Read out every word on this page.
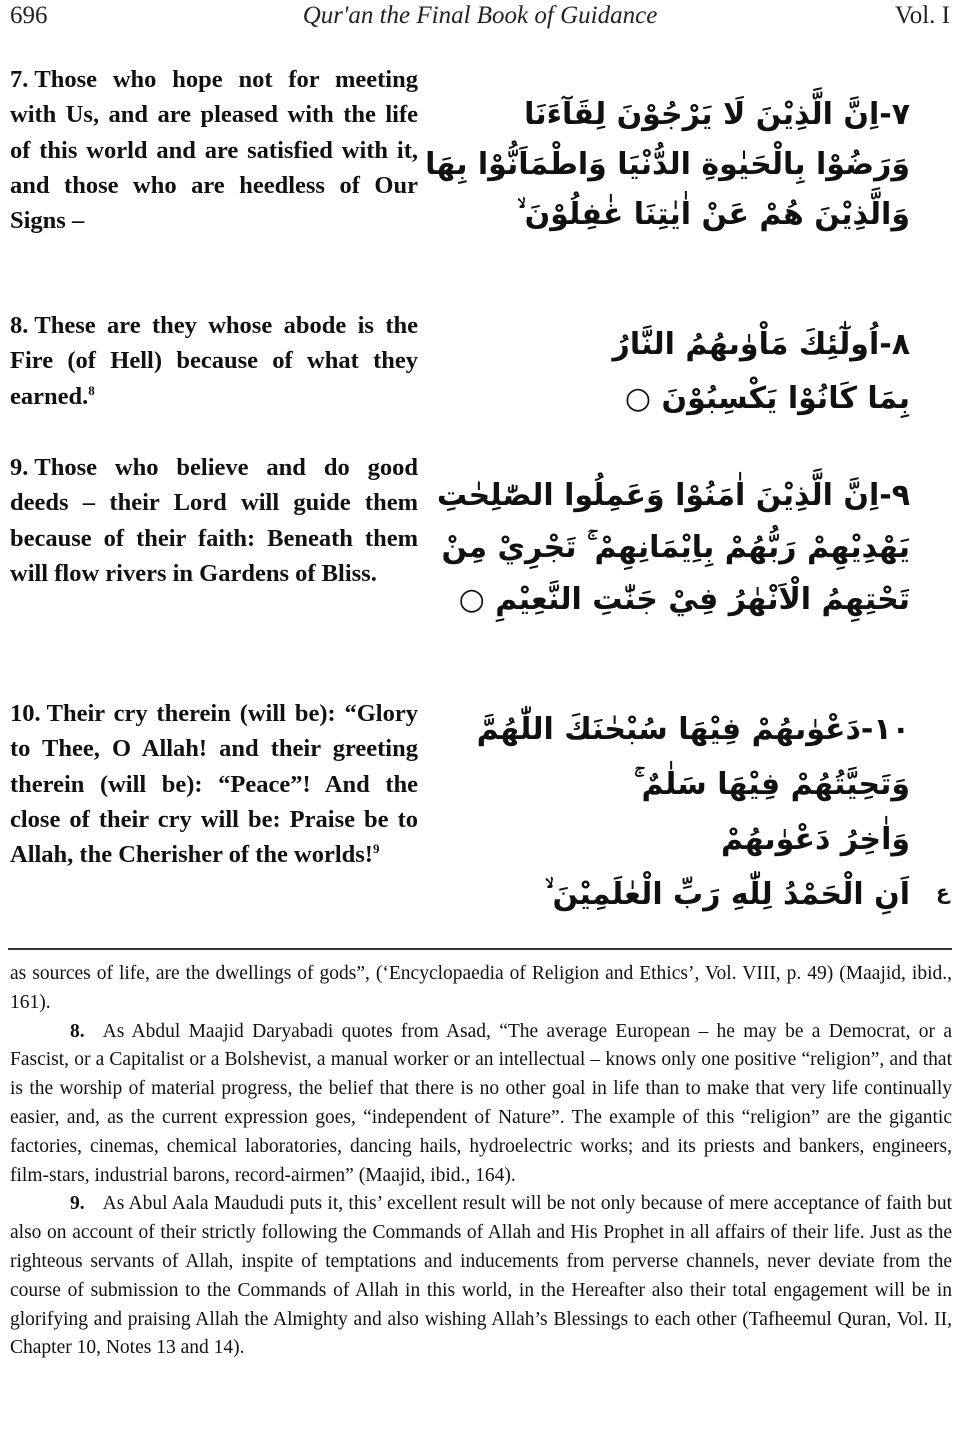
696	Qur'an the Final Book of Guidance	Vol. I
7. Those who hope not for meeting with Us, and are pleased with the life of this world and are satisfied with it, and those who are heedless of Our Signs –
٧-اِنَّ الَّذِيْنَ لَا يَرْجُوْنَ لِقَآءَنَا
وَرَضُوْا بِالْحَيٰوةِ الدُّنْيَا وَاطْمَاَنُّوْا بِهَا
وَالَّذِيْنَ هُمْ عَنْ اٰيٰتِنَا غٰفِلُوْنَ ۙ
8. These are they whose abode is the Fire (of Hell) because of what they earned.$^8$
٨-اُولٰٓئِكَ مَاْوٰىهُمُ النَّارُ
بِمَا كَانُوْا يَكْسِبُوْنَ ○
9. Those who believe and do good deeds – their Lord will guide them because of their faith: Beneath them will flow rivers in Gardens of Bliss.
٩-اِنَّ الَّذِيْنَ اٰمَنُوْا وَعَمِلُوا الصّٰلِحٰتِ
يَهْدِيْهِمْ رَبُّهُمْ بِاِيْمَانِهِمْ ۚ تَجْرِيْ مِنْ
تَحْتِهِمُ الْاَنْهٰرُ فِيْ جَنّٰتِ النَّعِيْمِ ○
10. Their cry therein (will be): “Glory to Thee, O Allah! and their greeting therein (will be): “Peace”! And the close of their cry will be: Praise be to Allah, the Cherisher of the worlds!$^9$
١٠-دَعْوٰىهُمْ فِيْهَا سُبْحٰنَكَ اللّٰهُمَّ
وَتَحِيَّتُهُمْ فِيْهَا سَلٰمٌ ۚ
وَاٰخِرُ دَعْوٰىهُمْ
اَنِ الْحَمْدُ لِلّٰهِ رَبِّ الْعٰلَمِيْنَ ۙ ع

as sources of life, are the dwellings of gods”, (‘Encyclopaedia of Religion and Ethics’, Vol. VIII, p. 49) (Maajid, ibid., 161).

8. As Abdul Maajid Daryabadi quotes from Asad, “The average European – he may be a Democrat, or a Fascist, or a Capitalist or a Bolshevist, a manual worker or an intellectual – knows only one positive “religion”, and that is the worship of material progress, the belief that there is no other goal in life than to make that very life continually easier, and, as the current expression goes, “independent of Nature”. The example of this “religion” are the gigantic factories, cinemas, chemical laboratories, dancing hails, hydroelectric works; and its priests and bankers, engineers, film-stars, industrial barons, record-airmen” (Maajid, ibid., 164).

9. As Abul Aala Maududi puts it, this’ excellent result will be not only because of mere acceptance of faith but also on account of their strictly following the Commands of Allah and His Prophet in all affairs of their life. Just as the righteous servants of Allah, inspite of temptations and inducements from perverse channels, never deviate from the course of submission to the Commands of Allah in this world, in the Hereafter also their total engagement will be in glorifying and praising Allah the Almighty and also wishing Allah’s Blessings to each other (Tafheemul Quran, Vol. II, Chapter 10, Notes 13 and 14).
